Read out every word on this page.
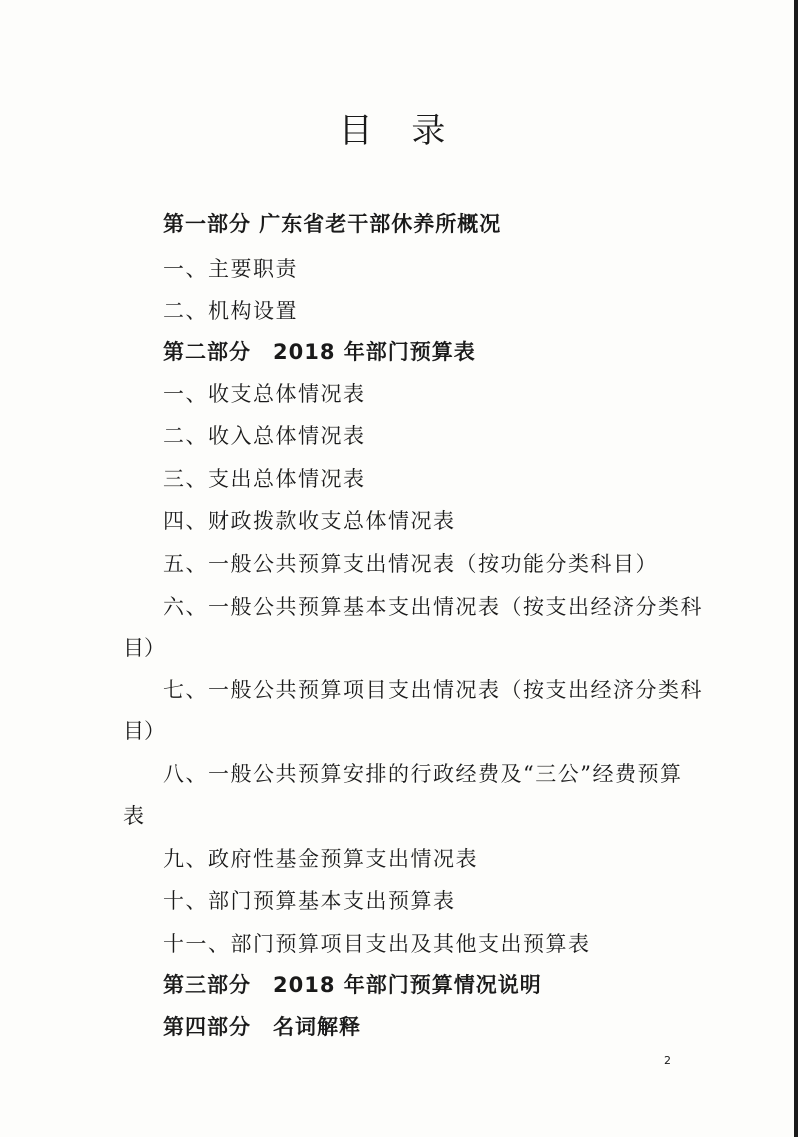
目 录
第一部分 广东省老干部休养所概况
一、主要职责
二、机构设置
第二部分　2018 年部门预算表
一、收支总体情况表
二、收入总体情况表
三、支出总体情况表
四、财政拨款收支总体情况表
五、一般公共预算支出情况表（按功能分类科目）
六、一般公共预算基本支出情况表（按支出经济分类科
目）
七、一般公共预算项目支出情况表（按支出经济分类科
目）
八、一般公共预算安排的行政经费及“三公”经费预算
表
九、政府性基金预算支出情况表
十、部门预算基本支出预算表
十一、部门预算项目支出及其他支出预算表
第三部分　2018 年部门预算情况说明
第四部分　名词解释
2
